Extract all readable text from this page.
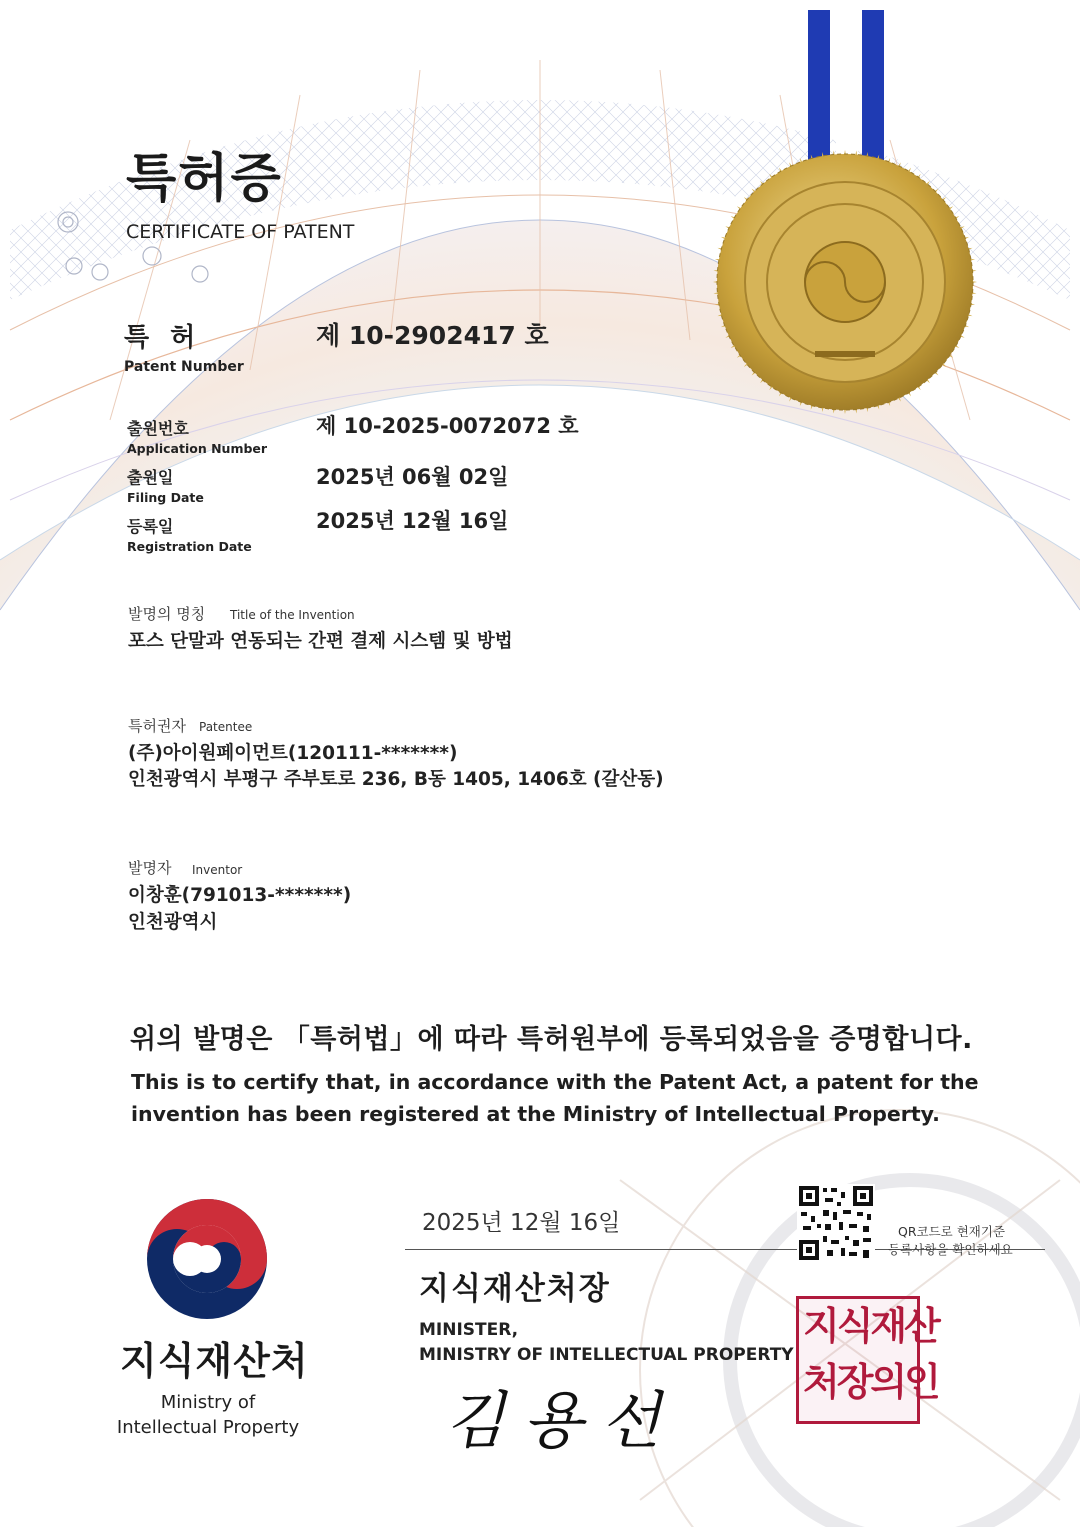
특허증
CERTIFICATE OF PATENT
특 허
Patent Number
제 10-2902417 호
출원번호
Application Number
제 10-2025-0072072 호
출원일
Filing Date
2025년 06월 02일
등록일
Registration Date
2025년 12월 16일
발명의 명칭 Title of the Invention
포스 단말과 연동되는 간편 결제 시스템 및 방법
특허권자 Patentee
(주)아이원페이먼트(120111-*******)
인천광역시 부평구 주부토로 236, B동 1405, 1406호 (갈산동)
발명자 Inventor
이창훈(791013-*******)
인천광역시
위의 발명은 「특허법」에 따라 특허원부에 등록되었음을 증명합니다.
This is to certify that, in accordance with the Patent Act, a patent for the
invention has been registered at the Ministry of Intellectual Property.
지식재산처
Ministry of
Intellectual Property
2025년 12월 16일	QR코드로 현재기준
등록사항을 확인하세요
지식재산처장
MINISTER,
MINISTRY OF INTELLECTUAL PROPERTY
김용선
지식재산
처장의인
